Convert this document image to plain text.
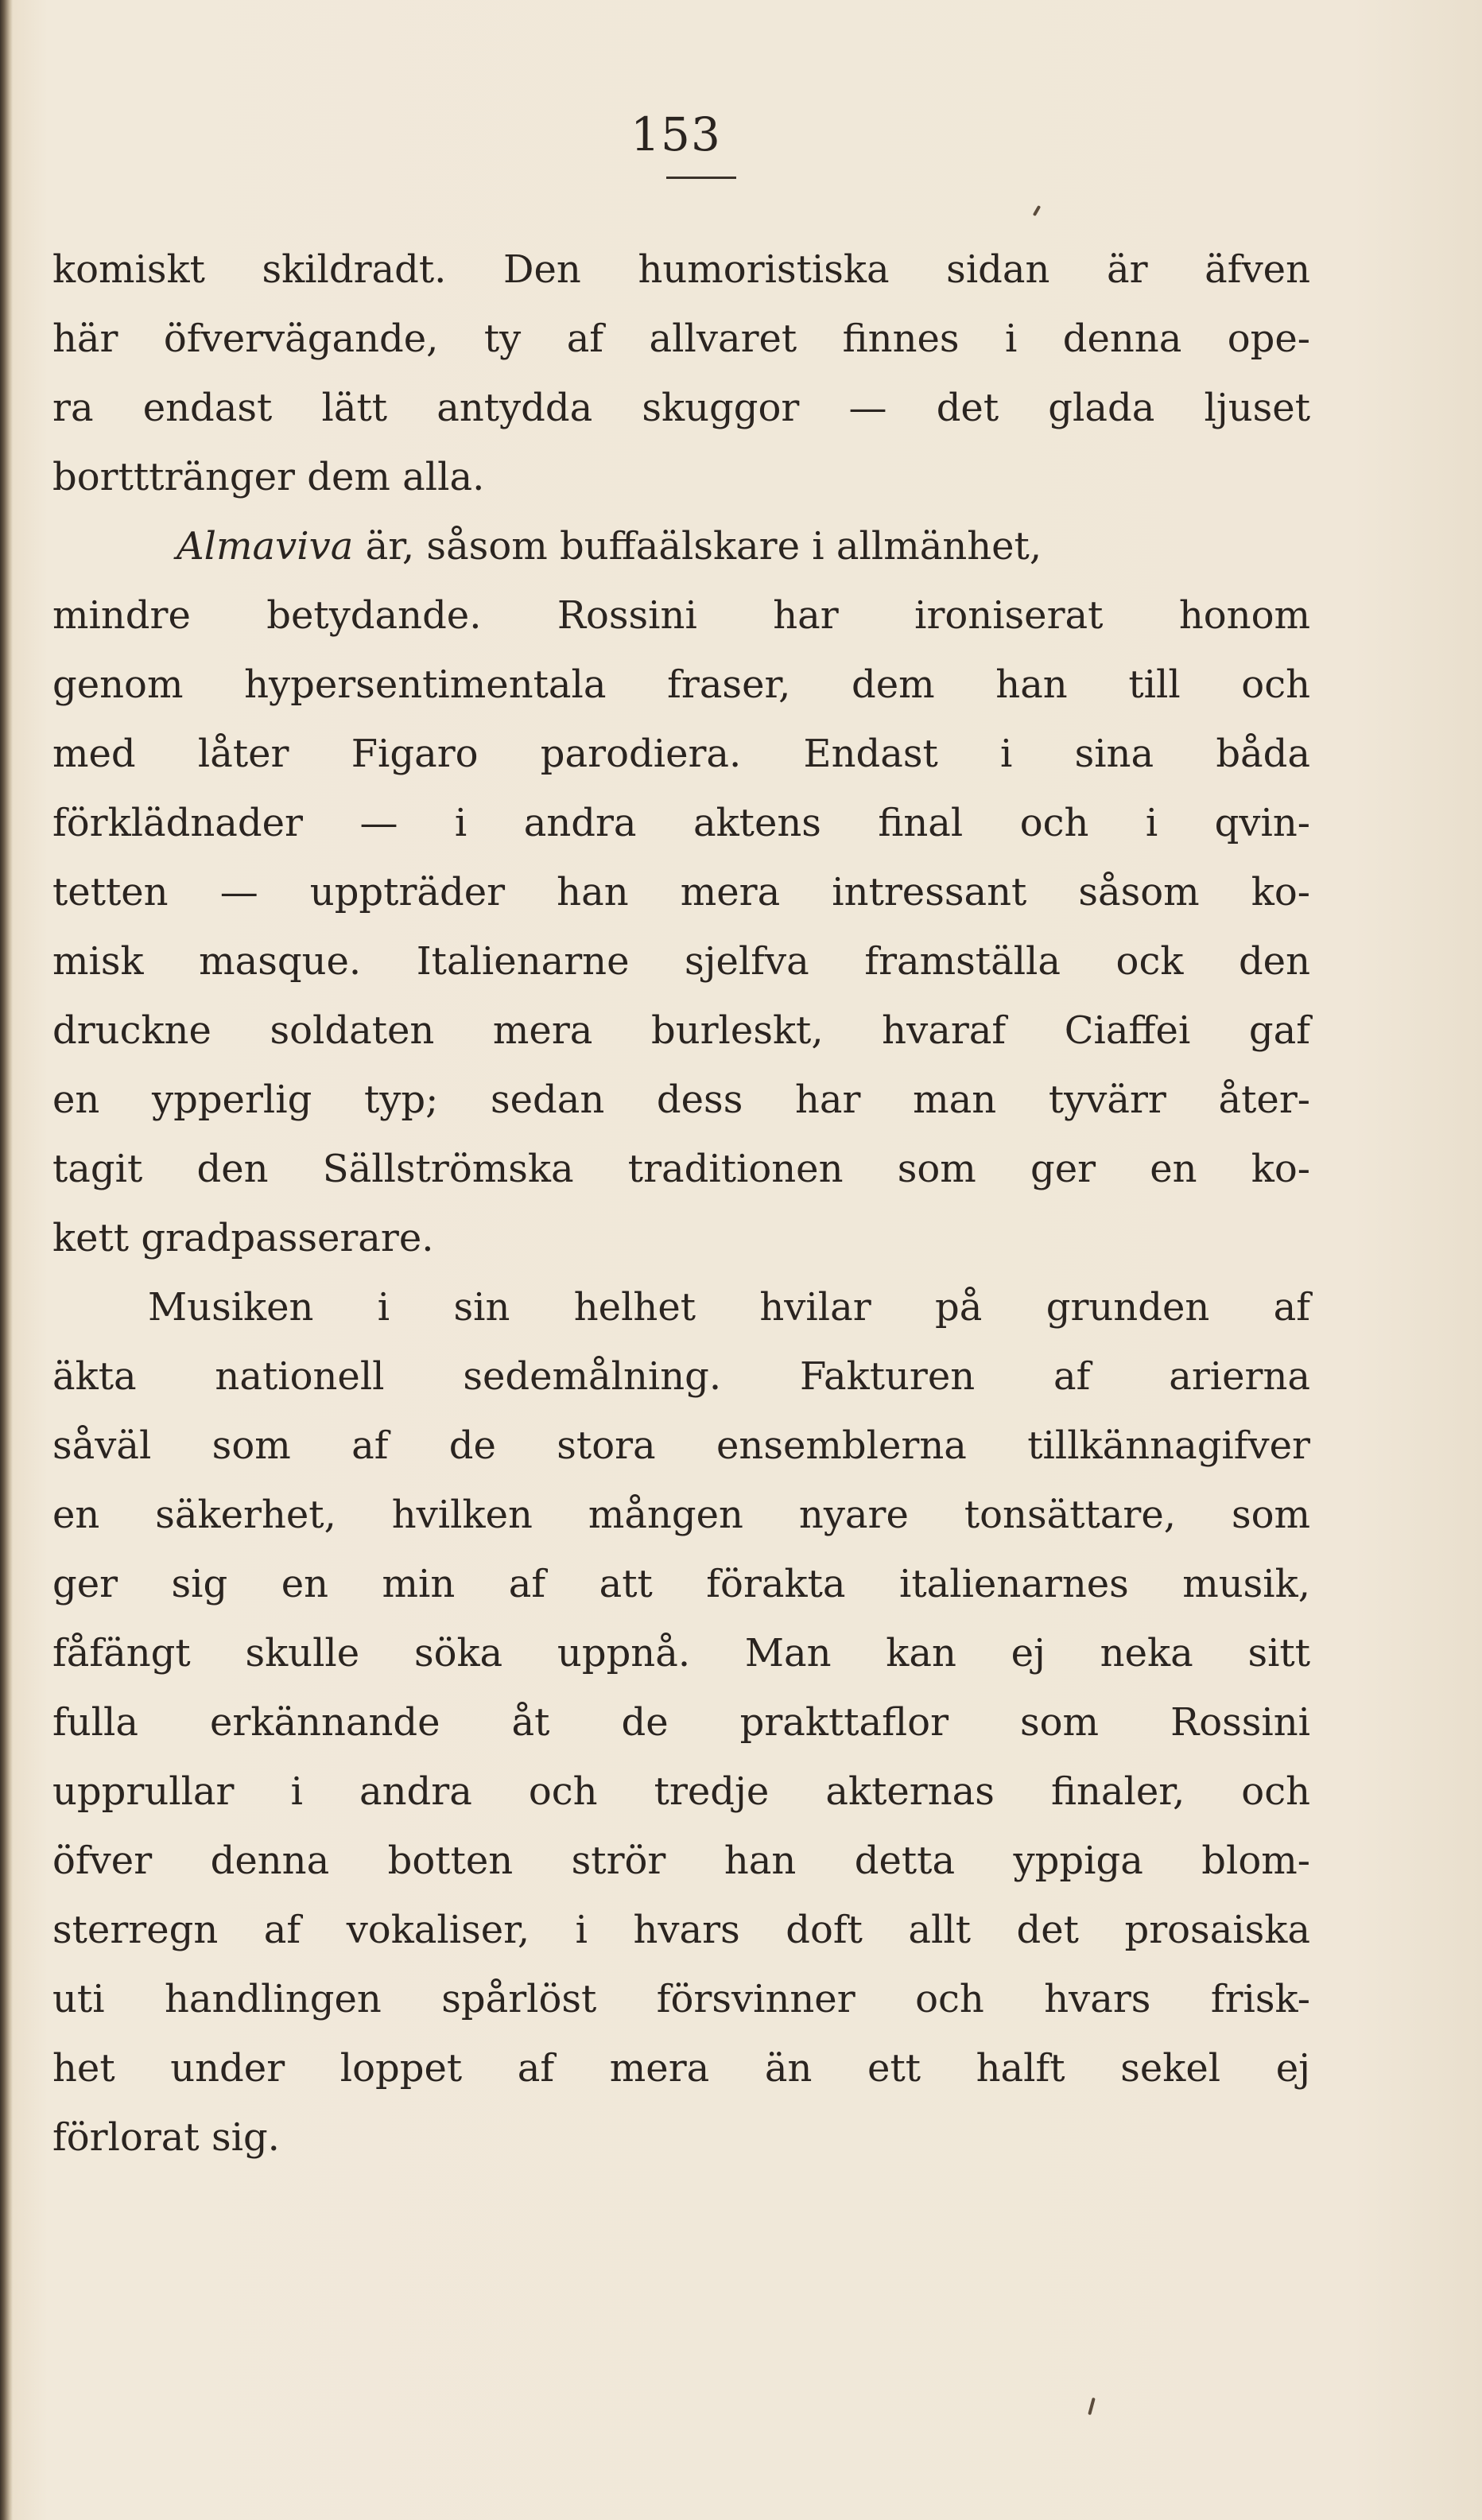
153
komiskt skildradt. Den humoristiska sidan är äfven
här öfvervägande, ty af allvaret finnes i denna ope-
ra endast lätt antydda skuggor — det glada ljuset
bortttränger dem alla.
Almaviva är, såsom buffaälskare i allmänhet,
mindre betydande. Rossini har ironiserat honom
genom hypersentimentala fraser, dem han till och
med låter Figaro parodiera. Endast i sina båda
förklädnader — i andra aktens final och i qvin-
tetten — uppträder han mera intressant såsom ko-
misk masque. Italienarne sjelfva framställa ock den
druckne soldaten mera burleskt, hvaraf Ciaffei gaf
en ypperlig typ; sedan dess har man tyvärr åter-
tagit den Sällströmska traditionen som ger en ko-
kett gradpasserare.
Musiken i sin helhet hvilar på grunden af
äkta nationell sedemålning. Fakturen af arierna
såväl som af de stora ensemblerna tillkännagifver
en säkerhet, hvilken mången nyare tonsättare, som
ger sig en min af att förakta italienarnes musik,
fåfängt skulle söka uppnå. Man kan ej neka sitt
fulla erkännande åt de prakttaflor som Rossini
upprullar i andra och tredje akternas finaler, och
öfver denna botten strör han detta yppiga blom-
sterregn af vokaliser, i hvars doft allt det prosaiska
uti handlingen spårlöst försvinner och hvars frisk-
het under loppet af mera än ett halft sekel ej
förlorat sig.
